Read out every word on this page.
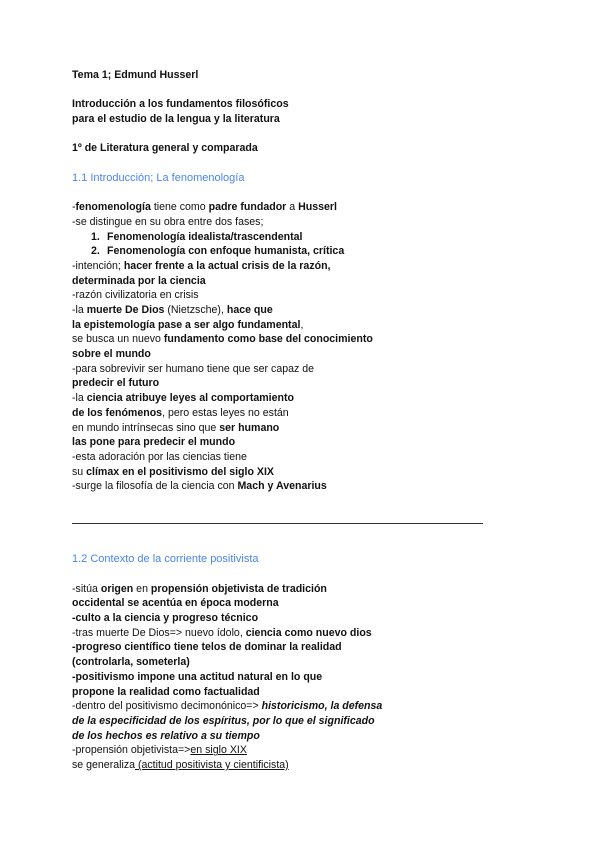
Tema 1; Edmund Husserl
Introducción a los fundamentos filosóficos
para el estudio de la lengua y la literatura
1º de Literatura general y comparada
1.1 Introducción; La fenomenología
-fenomenología tiene como padre fundador a Husserl
-se distingue en su obra entre dos fases;
1. Fenomenología idealista/trascendental
2. Fenomenología con enfoque humanista, crítica
-intención; hacer frente a la actual crisis de la razón,
determinada por la ciencia
-razón civilizatoria en crisis
-la muerte De Dios (Nietzsche), hace que
la epistemología pase a ser algo fundamental,
se busca un nuevo fundamento como base del conocimiento
sobre el mundo
-para sobrevivir ser humano tiene que ser capaz de
predecir el futuro
-la ciencia atribuye leyes al comportamiento
de los fenómenos, pero estas leyes no están
en mundo intrínsecas sino que ser humano
las pone para predecir el mundo
-esta adoración por las ciencias tiene
su clímax en el positivismo del siglo XIX
-surge la filosofía de la ciencia con Mach y Avenarius
1.2 Contexto de la corriente positivista
-sitúa origen en propensión objetivista de tradición
occidental se acentúa en época moderna
-culto a la ciencia y progreso técnico
-tras muerte De Dios=> nuevo ídolo, ciencia como nuevo dios
-progreso científico tiene telos de dominar la realidad
(controlarla, someterla)
-positivismo impone una actitud natural en lo que
propone la realidad como factualidad
-dentro del positivismo decimonónico=> historicismo, la defensa
de la especificidad de los espíritus, por lo que el significado
de los hechos es relativo a su tiempo
-propensión objetivista=>en siglo XIX
se generaliza (actitud positivista y cientificista)
